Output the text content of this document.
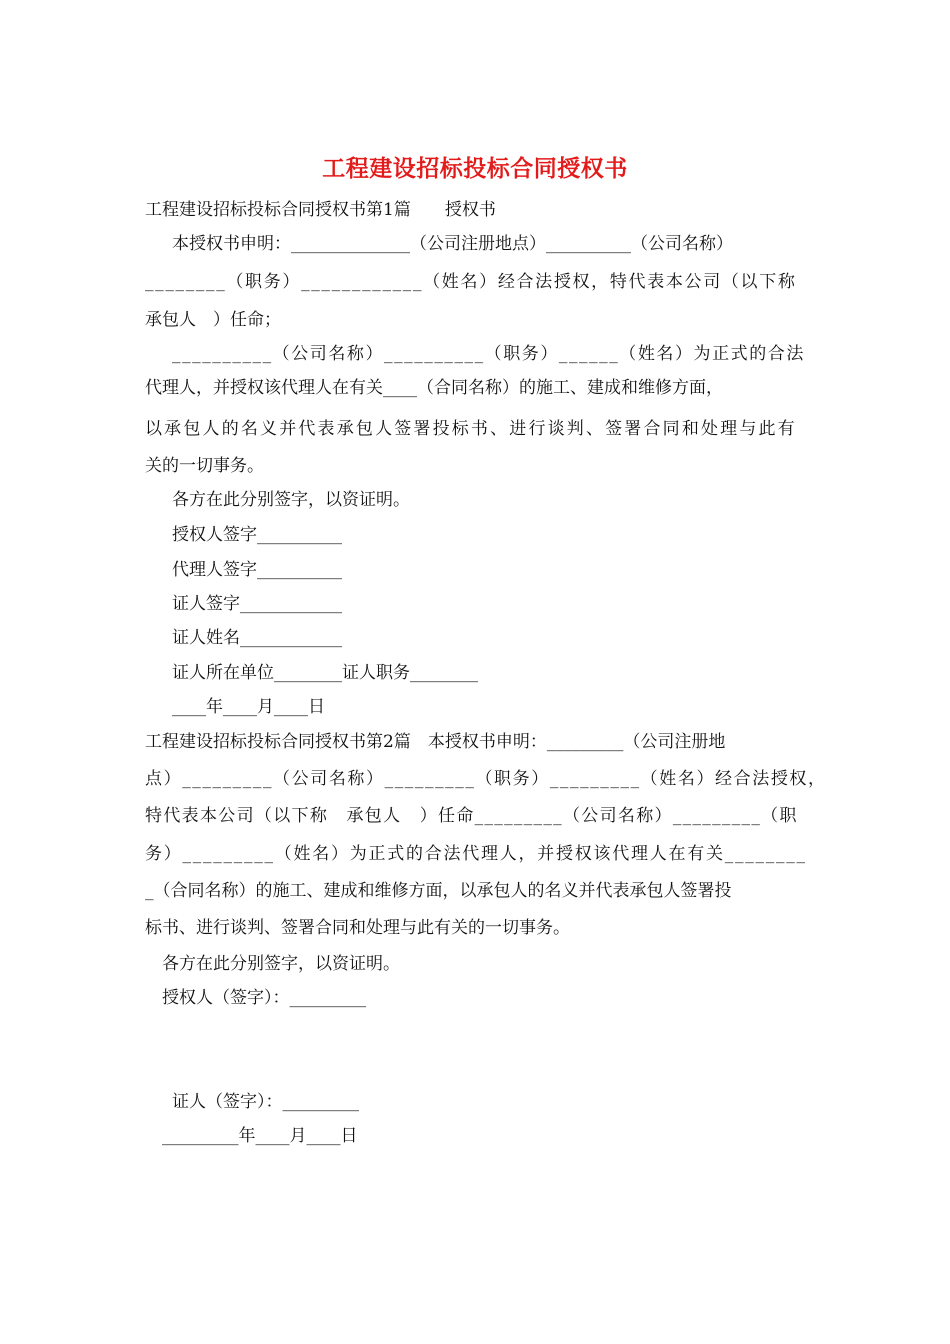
工程建设招标投标合同授权书
工程建设招标投标合同授权书第1篇　　授权书
本授权书申明：______________（公司注册地点）__________（公司名称）
_ _ _ _ _ _ _ _ （ 职 务 ） _ _ _ _ _ _ _ _ _ _ _ _ （ 姓 名 ） 经 合 法 授 权 ， 特 代 表 本 公 司 （ 以 下 称
承包人　）任命；
_ _ _ _ _ _ _ _ _ _ （ 公 司 名 称 ） _ _ _ _ _ _ _ _ _ _ （ 职 务 ） _ _ _ _ _ _ （ 姓 名 ） 为 正 式 的 合 法
代理人，并授权该代理人在有关____（合同名称）的施工、建成和维修方面，
以 承 包 人 的 名 义 并 代 表 承 包 人 签 署 投 标 书 、 进 行 谈 判 、 签 署 合 同 和 处 理 与 此 有
关的一切事务。
各方在此分别签字，以资证明。
授权人签字__________
代理人签字__________
证人签字____________
证人姓名____________
证人所在单位________证人职务________
____年____月____日
工程建设招标投标合同授权书第2篇　本授权书申明：_________（公司注册地
点 ） _ _ _ _ _ _ _ _ _ （ 公 司 名 称 ） _ _ _ _ _ _ _ _ _ （ 职 务 ） _ _ _ _ _ _ _ _ _ （ 姓 名 ） 经 合 法 授 权 ，
特 代 表 本 公 司 （ 以 下 称
　 承 包 人
　 ） 任 命 _ _ _ _ _ _ _ _ _ （ 公 司 名 称 ） _ _ _ _ _ _ _ _ _ （ 职
务 ） _ _ _ _ _ _ _ _ _ （ 姓 名 ） 为 正 式 的 合 法 代 理 人 ， 并 授 权 该 代 理 人 在 有 关 _ _ _ _ _ _ _ _
_（合同名称）的施工、建成和维修方面，以承包人的名义并代表承包人签署投
标书、进行谈判、签署合同和处理与此有关的一切事务。
各方在此分别签字，以资证明。
授权人（签字）：_________
证人（签字）：_________
_________年____月____日
